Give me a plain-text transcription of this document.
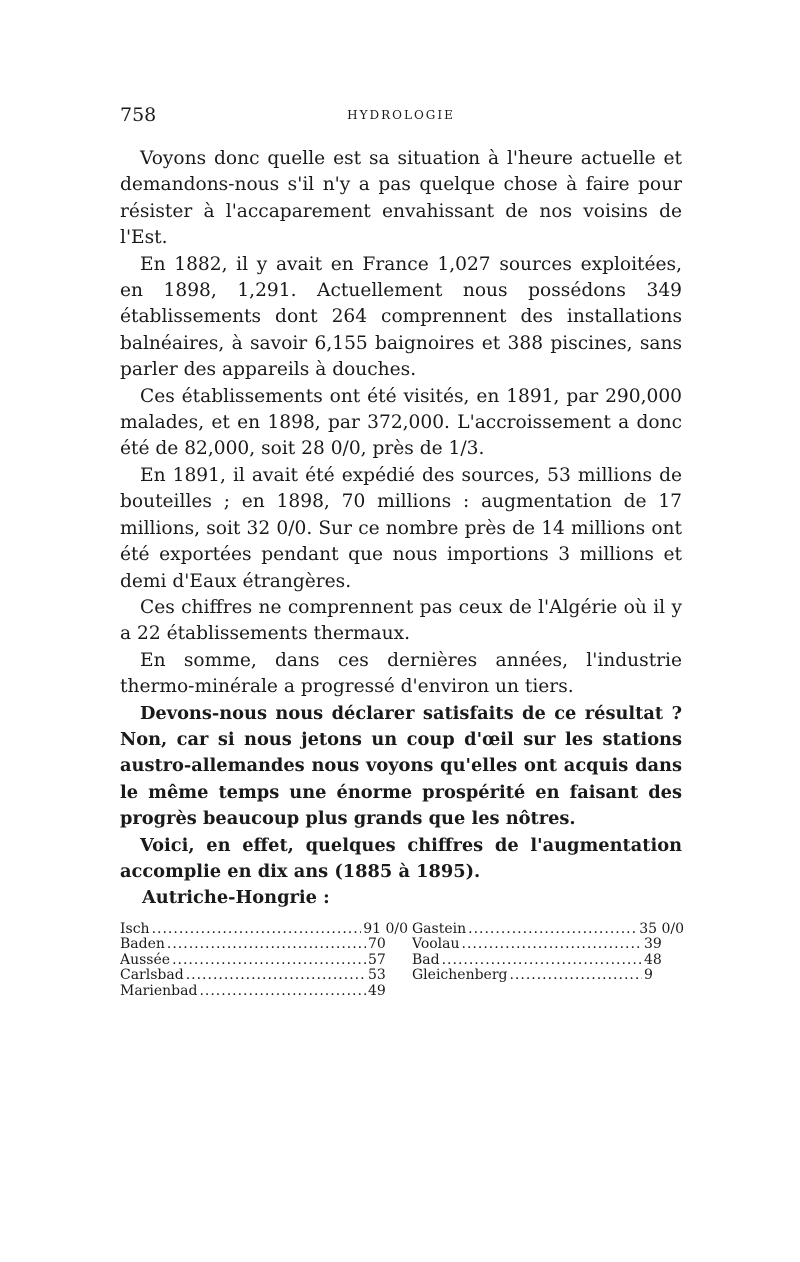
758	HYDROLOGIE

Voyons donc quelle est sa situation à l'heure actuelle et demandons-nous s'il n'y a pas quelque chose à faire pour résister à l'accaparement envahissant de nos voisins de l'Est.

En 1882, il y avait en France 1,027 sources exploitées, en 1898, 1,291. Actuellement nous possédons 349 établissements dont 264 comprennent des installations balnéaires, à savoir 6,155 baignoires et 388 piscines, sans parler des appareils à douches.

Ces établissements ont été visités, en 1891, par 290,000 malades, et en 1898, par 372,000. L'accroissement a donc été de 82,000, soit 28 0/0, près de 1/3.

En 1891, il avait été expédié des sources, 53 millions de bouteilles ; en 1898, 70 millions : augmentation de 17 millions, soit 32 0/0. Sur ce nombre près de 14 millions ont été exportées pendant que nous importions 3 millions et demi d'Eaux étrangères.

Ces chiffres ne comprennent pas ceux de l'Algérie où il y a 22 établissements thermaux.

En somme, dans ces dernières années, l'industrie thermo-minérale a progressé d'environ un tiers.

Devons-nous nous déclarer satisfaits de ce résultat ? Non, car si nous jetons un coup d'œil sur les stations austro-allemandes nous voyons qu'elles ont acquis dans le même temps une énorme prospérité en faisant des progrès beaucoup plus grands que les nôtres.

Voici, en effet, quelques chiffres de l'augmentation accomplie en dix ans (1885 à 1895).

Autriche-Hongrie :

Isch .....	91 0/0
Baden .....	70
Aussée .....	57
Carlsbad .....	53
Marienbad .....	49
Gastein .....	35 0/0
Voolau .....	39
Bad .....	48
Gleichenberg .....	9
